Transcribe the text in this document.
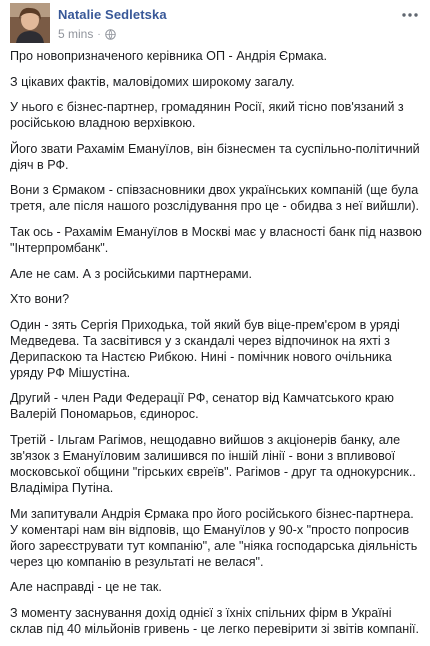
Natalie Sedletska
5 mins ·

Про новопризначеного керівника ОП - Андрія Єрмака.

З цікавих фактів, маловідомих широкому загалу.

У нього є бізнес-партнер, громадянин Росії, який тісно пов'язаний з російською владною верхівкою.

Його звати Рахамім Емануїлов, він бізнесмен та суспільно-політичний діяч в РФ.

Вони з Єрмаком - співзасновники двох українських компаній (ще була третя, але після нашого розслідування про це - обидва з неї вийшли).

Так ось - Рахамім Емануїлов в Москві має у власності банк під назвою "Інтерпромбанк".

Але не сам. А з російськими партнерами.

Хто вони?

Один - зять Сергія Приходька, той який був віце-прем'єром в уряді Медведева. Та засвітився у з скандалі через відпочинок на яхті з Дерипаскою та Настєю Рибкою. Нині - помічник нового очільника уряду РФ Мішустіна.

Другий - член Ради Федерації РФ, сенатор від Камчатського краю Валерій Пономарьов, єдинорос.

Третій - Ільгам Рагімов, нещодавно вийшов з акціонерів банку, але зв'язок з Емануїловим залишився по іншій лінії - вони з впливової московської общини "гірських євреїв". Рагімов - друг та однокурсник.. Владіміра Путіна.

Ми запитували Андрія Єрмака про його російського бізнес-партнера. У коментарі нам він відповів, що Емануїлов у 90-х "просто попросив його зареєструвати тут компанію", але "ніяка господарська діяльність через цю компанію в результаті не велася".

Але насправді - це не так.

З моменту заснування дохід однієї з їхніх спільних фірм в Україні склав під 40 мільйонів гривень - це легко перевірити зі звітів компанії.
